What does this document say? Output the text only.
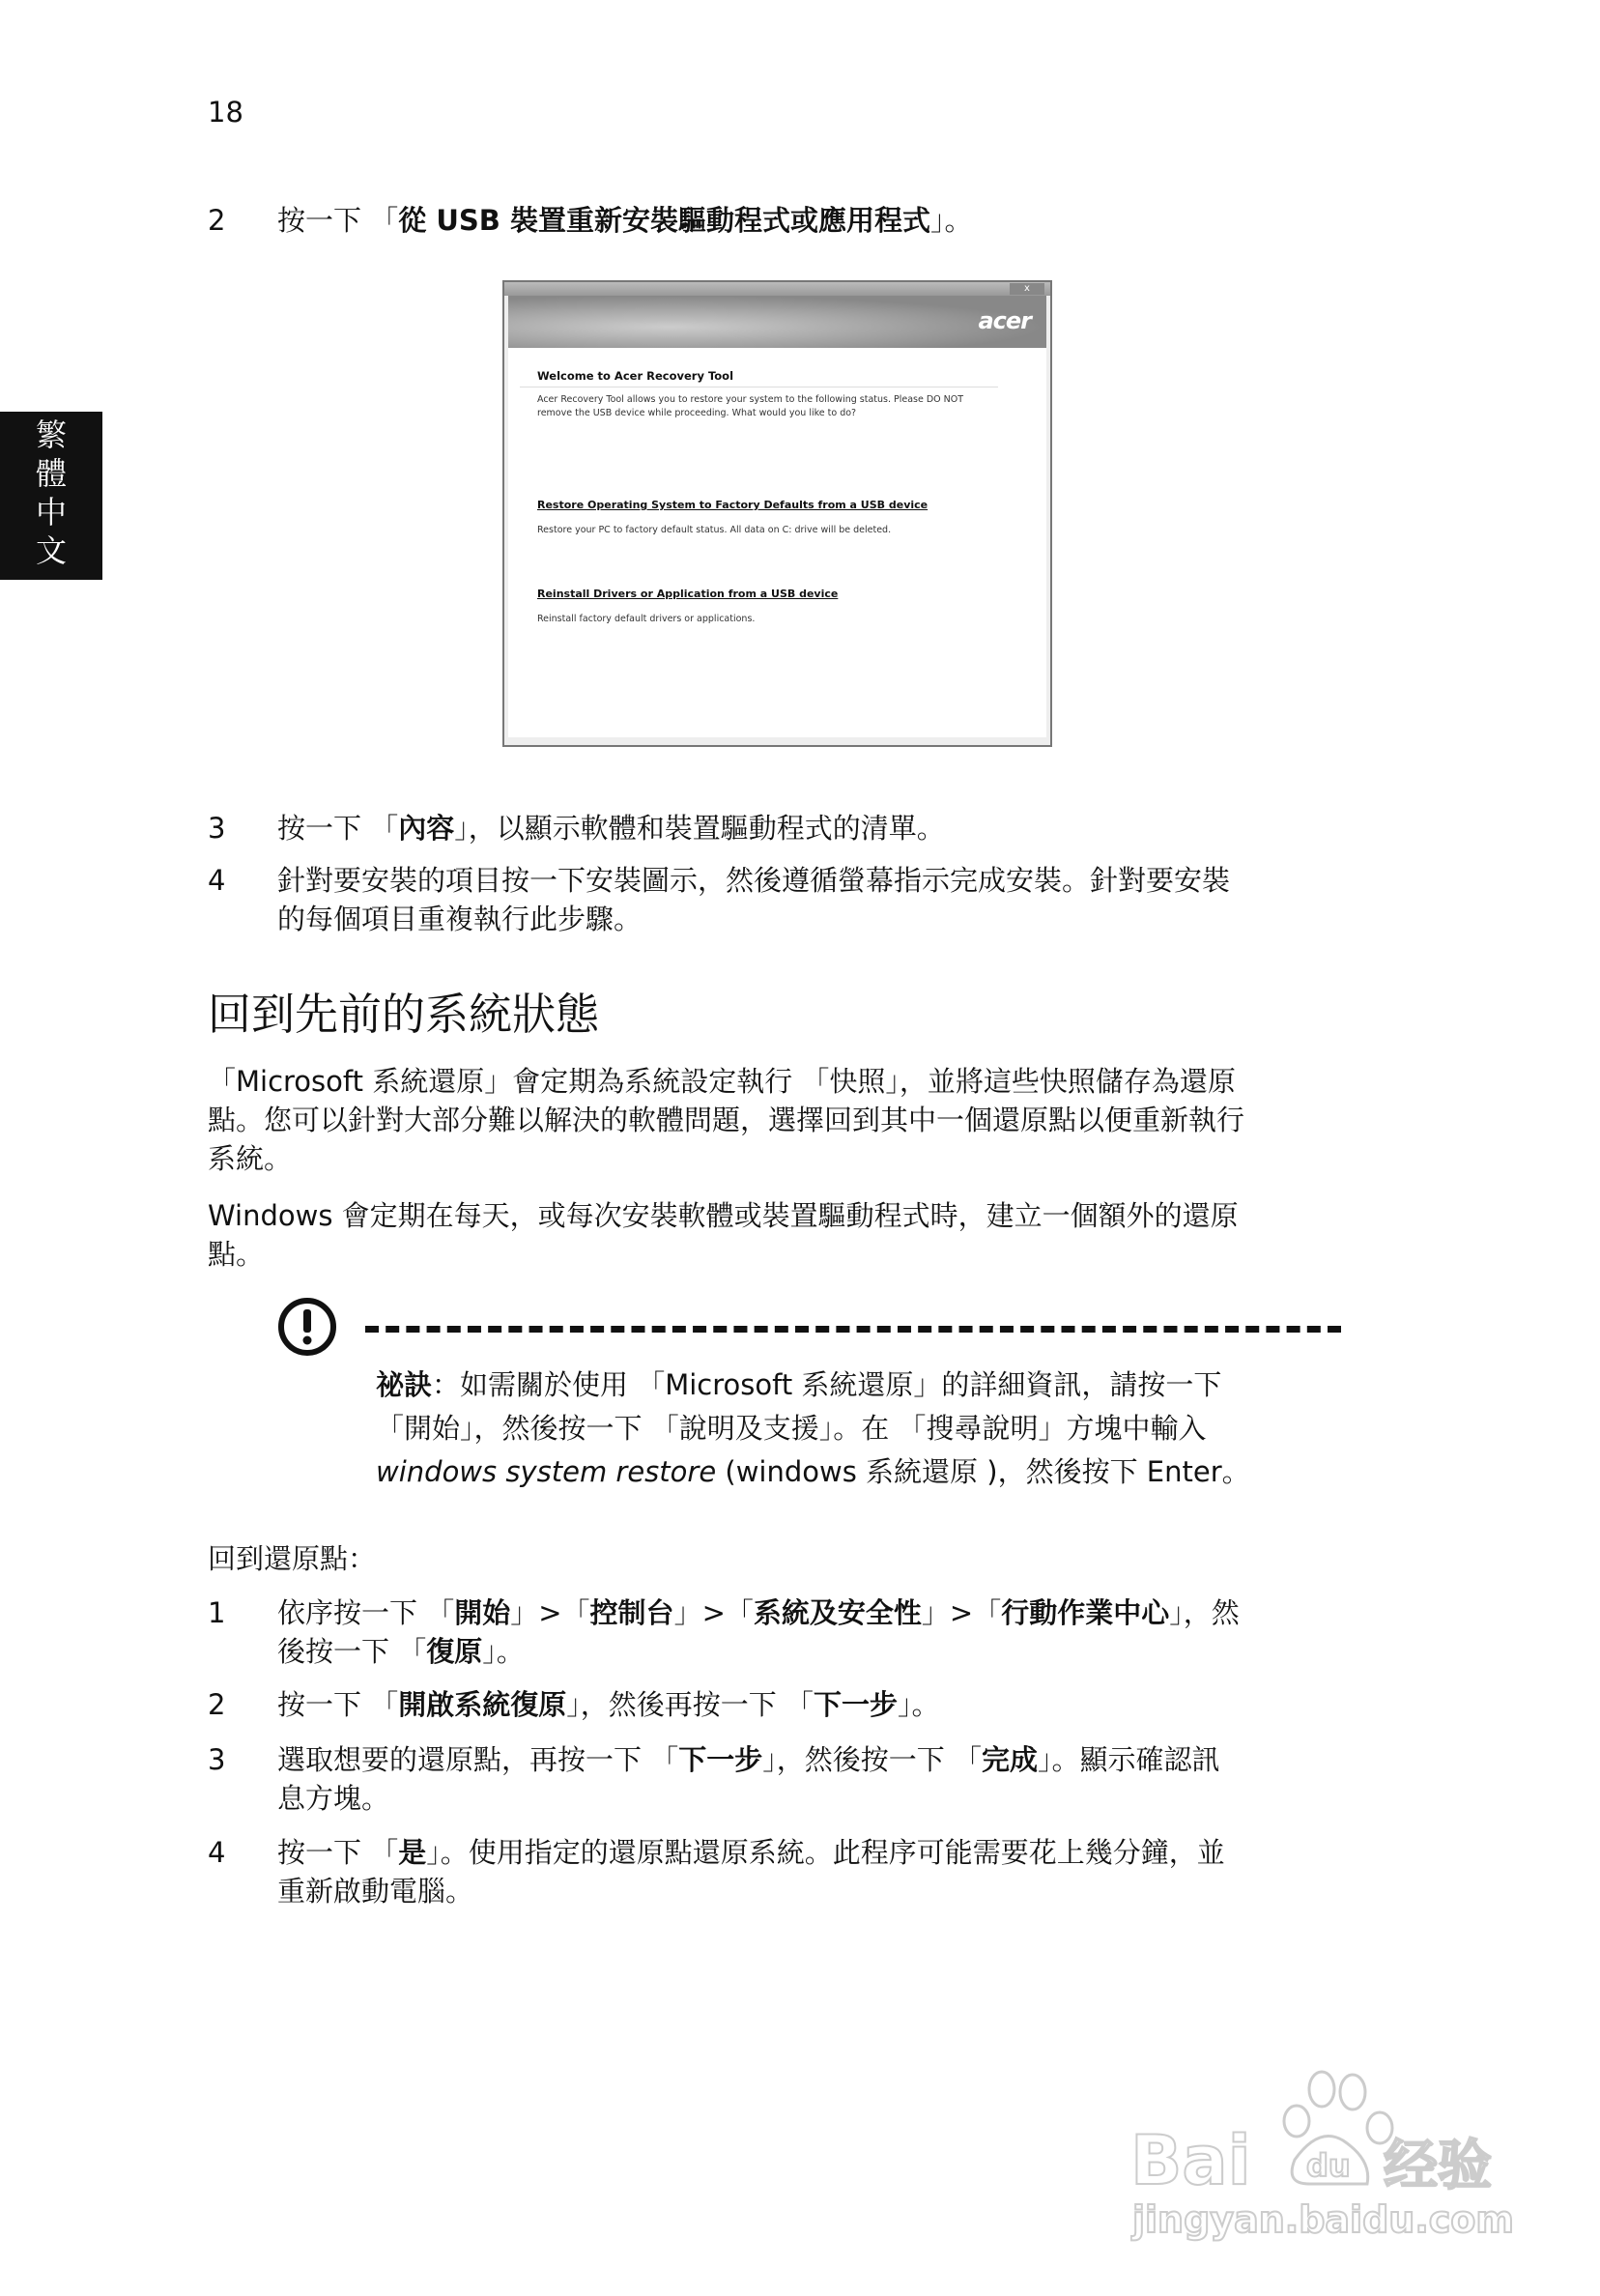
18
繁
體
中
文
2 按一下 「從 USB 裝置重新安裝驅動程式或應用程式」。
x
acer
Welcome to Acer Recovery Tool
Acer Recovery Tool allows you to restore your system to the following status. Please DO NOT remove the USB device while proceeding. What would you like to do?
Restore Operating System to Factory Defaults from a USB device
Restore your PC to factory default status. All data on C: drive will be deleted.
Reinstall Drivers or Application from a USB device
Reinstall factory default drivers or applications.
3 按一下 「內容」，以顯示軟體和裝置驅動程式的清單。
4 針對要安裝的項目按一下安裝圖示，然後遵循螢幕指示完成安裝。針對要安裝
的每個項目重複執行此步驟。
回到先前的系統狀態
「Microsoft 系統還原」會定期為系統設定執行 「快照」，並將這些快照儲存為還原
點。您可以針對大部分難以解決的軟體問題，選擇回到其中一個還原點以便重新執行
系統。
Windows 會定期在每天，或每次安裝軟體或裝置驅動程式時，建立一個額外的還原
點。
祕訣：如需關於使用 「Microsoft 系統還原」的詳細資訊，請按一下
「開始」，然後按一下 「說明及支援」。在 「搜尋說明」方塊中輸入
windows system restore (windows 系統還原 )，然後按下 Enter。
回到還原點：
1 依序按一下 「開始」>「控制台」>「系統及安全性」>「行動作業中心」，然
後按一下 「復原」。
2 按一下 「開啟系統復原」，然後再按一下 「下一步」。
3 選取想要的還原點，再按一下 「下一步」，然後按一下 「完成」。顯示確認訊
息方塊。
4 按一下 「是」。使用指定的還原點還原系統。此程序可能需要花上幾分鐘，並
重新啟動電腦。
Bai du 经验
jingyan.baidu.com
